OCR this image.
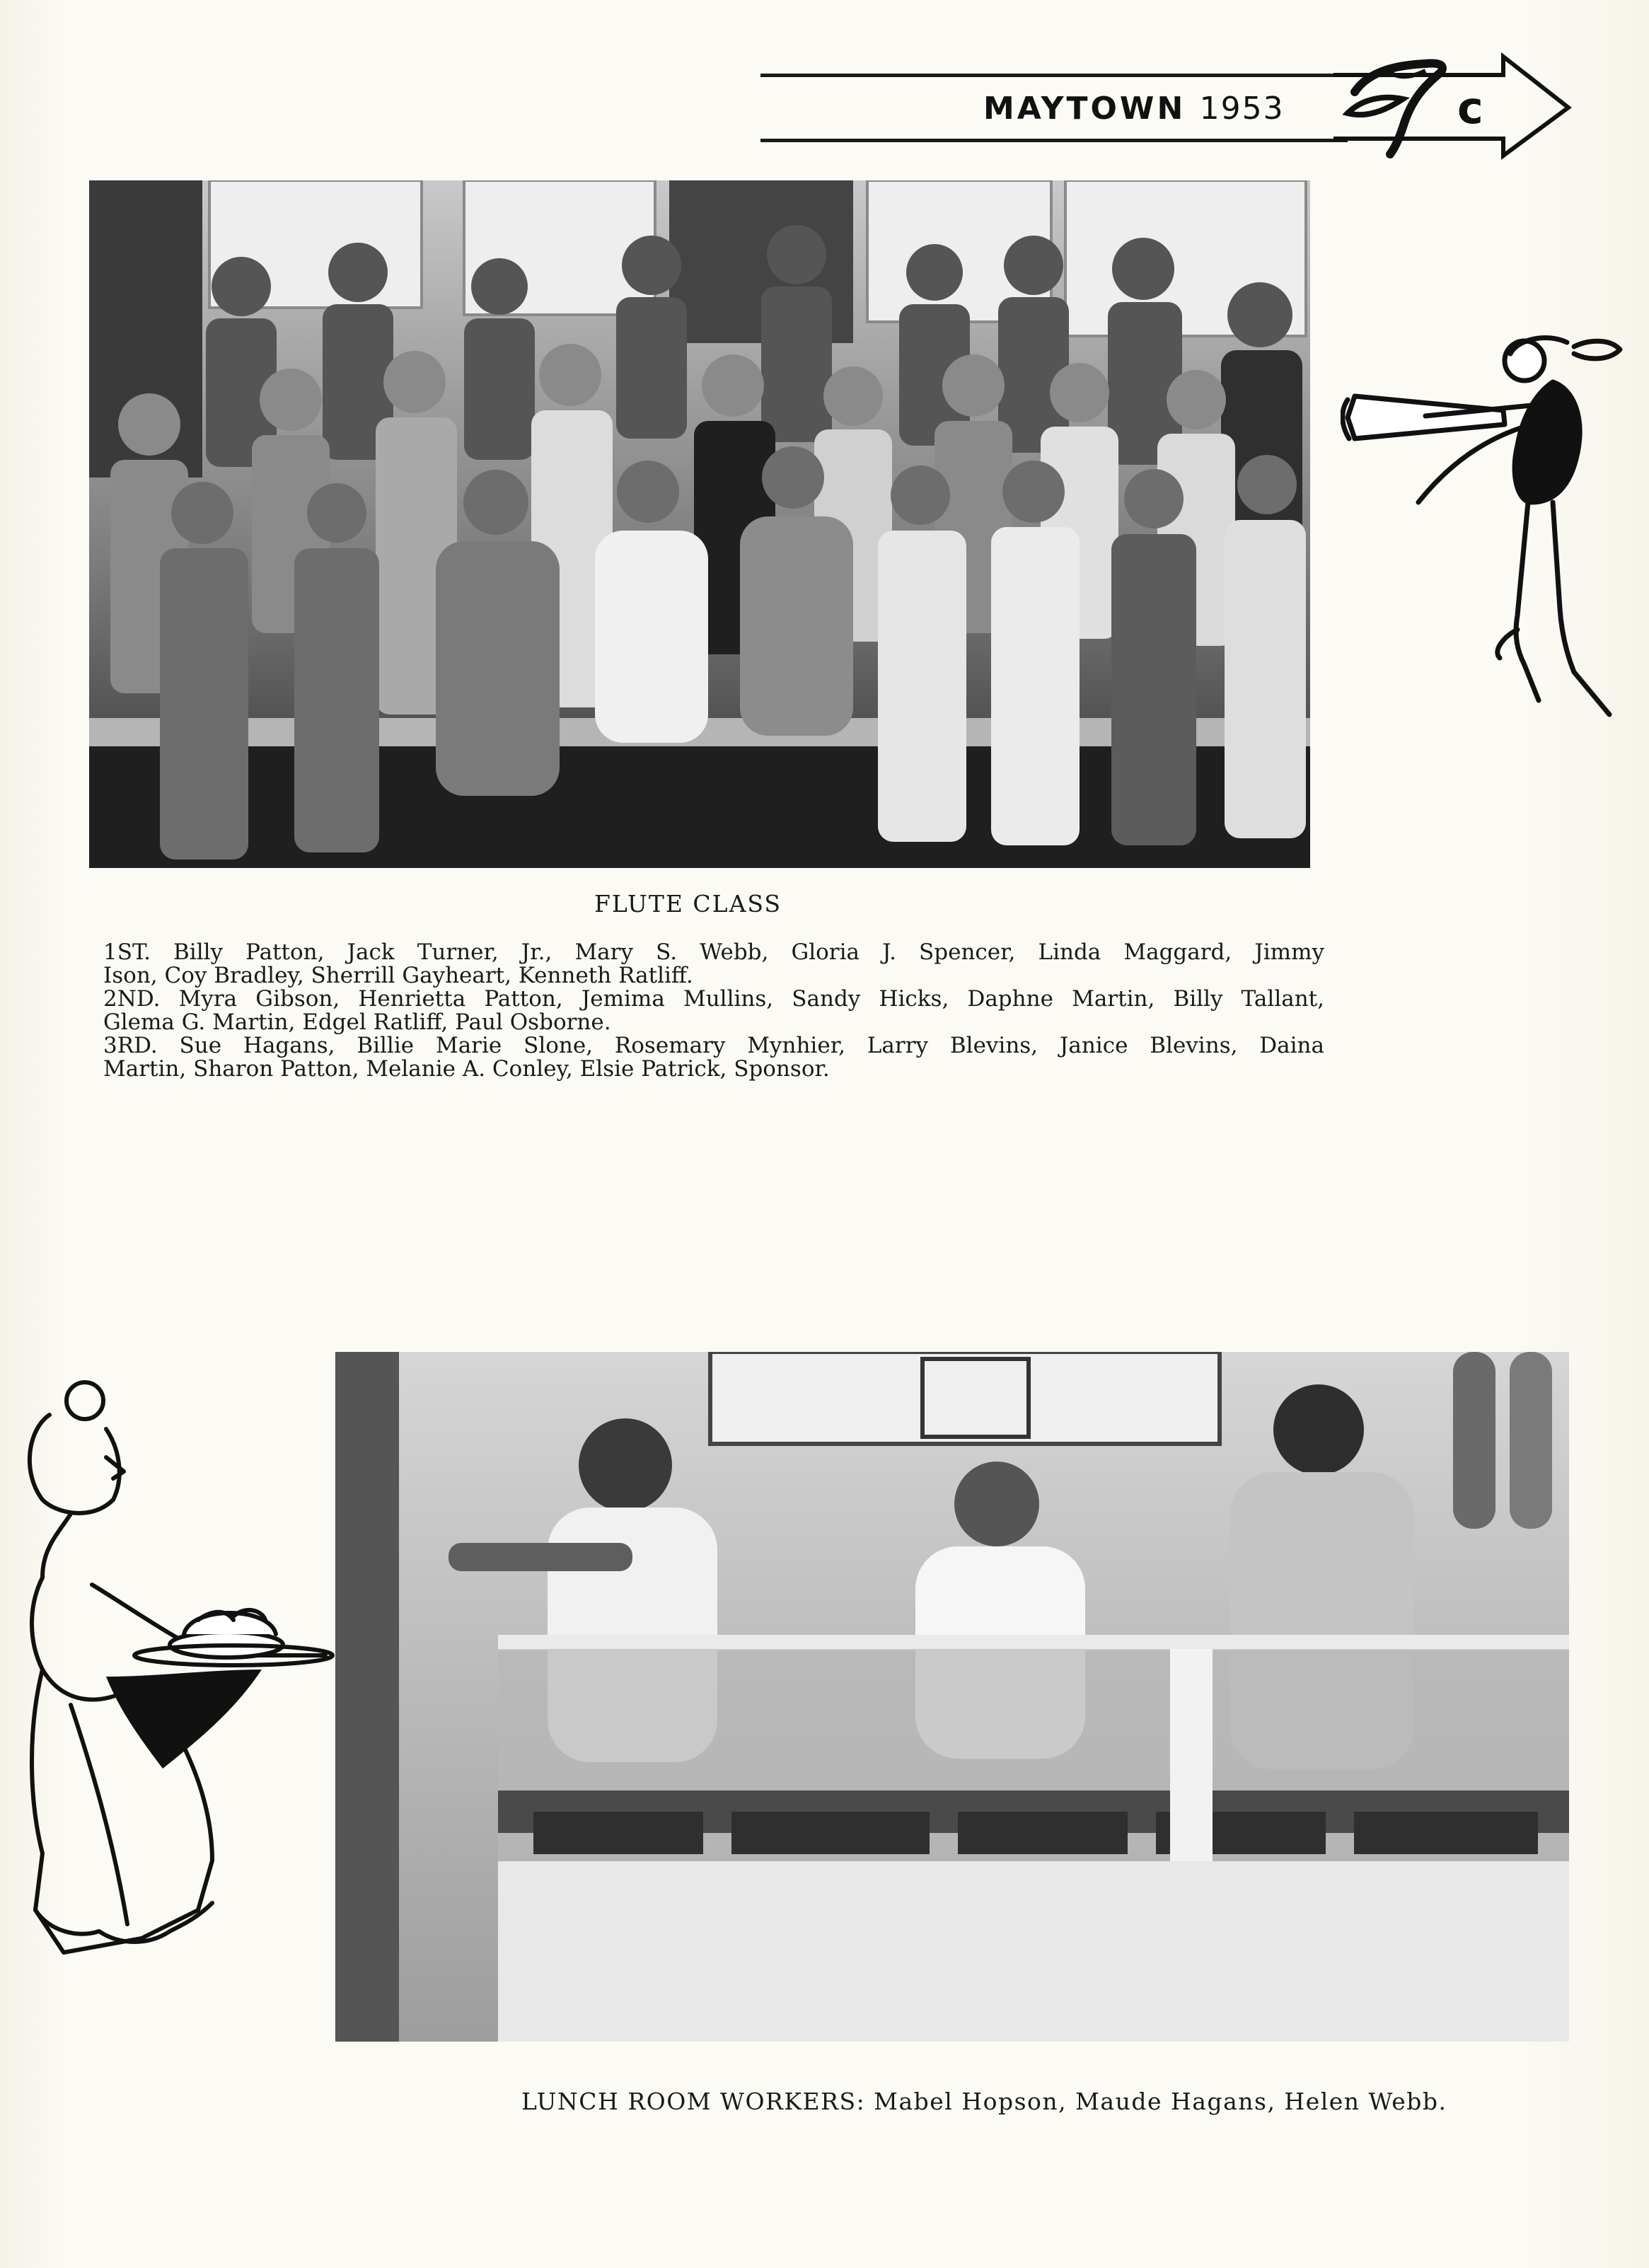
MAYTOWN 1953	c
FLUTE CLASS
1ST. Billy Patton, Jack Turner, Jr., Mary S. Webb, Gloria J. Spencer, Linda Maggard, Jimmy
Ison, Coy Bradley, Sherrill Gayheart, Kenneth Ratliff.
2ND. Myra Gibson, Henrietta Patton, Jemima Mullins, Sandy Hicks, Daphne Martin, Billy Tallant,
Glema G. Martin, Edgel Ratliff, Paul Osborne.
3RD. Sue Hagans, Billie Marie Slone, Rosemary Mynhier, Larry Blevins, Janice Blevins, Daina
Martin, Sharon Patton, Melanie A. Conley, Elsie Patrick, Sponsor.
LUNCH ROOM WORKERS: Mabel Hopson, Maude Hagans, Helen Webb.
